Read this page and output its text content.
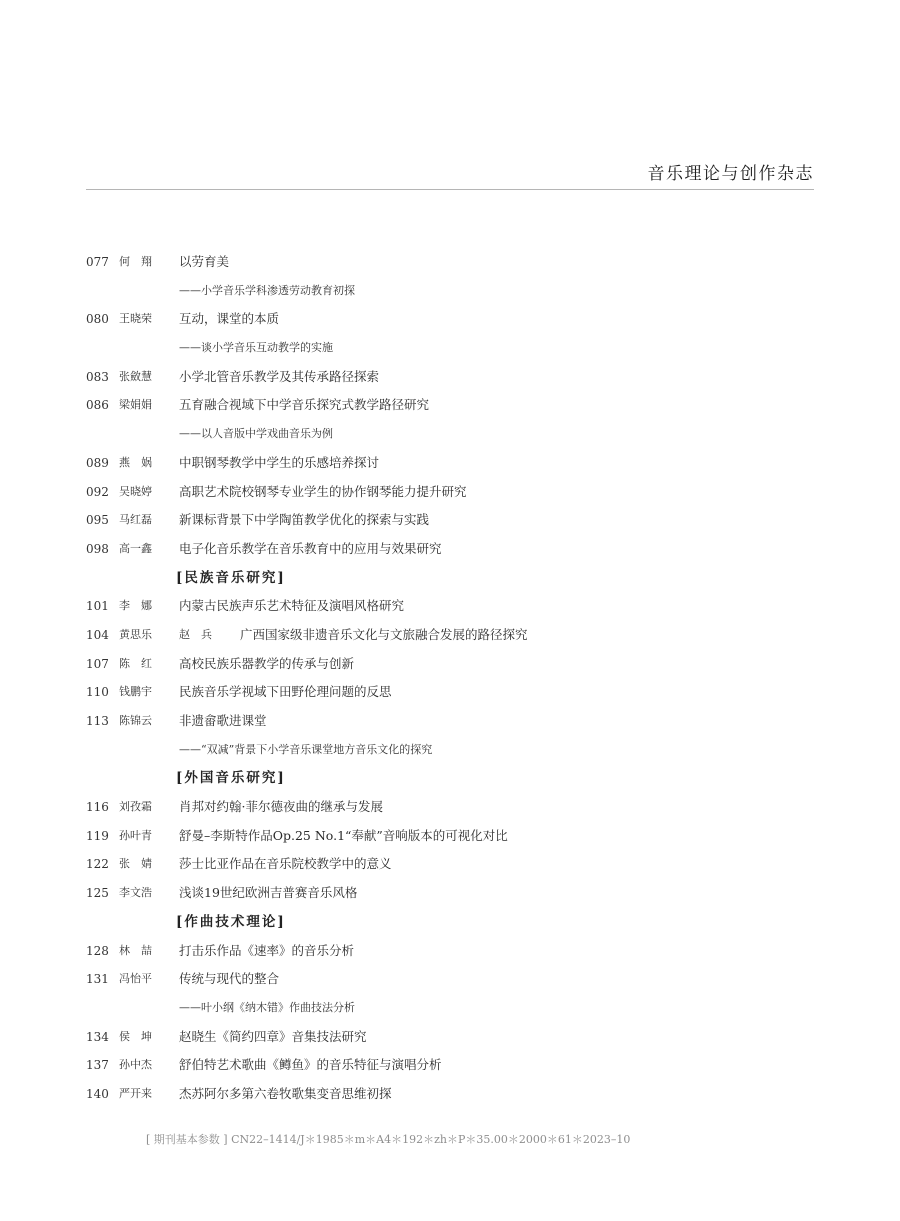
音乐理论与创作杂志
077 何　翔 以劳育美
——小学音乐学科渗透劳动教育初探
080 王晓荣 互动，课堂的本质
——谈小学音乐互动教学的实施
083 张斂慧 小学北管音乐教学及其传承路径探索
086 梁娟娟 五育融合视域下中学音乐探究式教学路径研究
——以人音版中学戏曲音乐为例
089 燕　娲 中职钢琴教学中学生的乐感培养探讨
092 吴晓婷 高职艺术院校钢琴专业学生的协作钢琴能力提升研究
095 马红磊 新课标背景下中学陶笛教学优化的探索与实践
098 高一鑫 电子化音乐教学在音乐教育中的应用与效果研究
[民族音乐研究]
101 李　娜 内蒙古民族声乐艺术特征及演唱风格研究
104 黄思乐 赵　兵 广西国家级非遗音乐文化与文旅融合发展的路径探究
107 陈　红 高校民族乐器教学的传承与创新
110 钱鹏宇 民族音乐学视域下田野伦理问题的反思
113 陈锦云 非遗畲歌进课堂
——“双减”背景下小学音乐课堂地方音乐文化的探究
[外国音乐研究]
116 刘孜霜 肖邦对约翰·菲尔德夜曲的继承与发展
119 孙叶青 舒曼–李斯特作品Op.25 No.1“奉献”音响版本的可视化对比
122 张　婧 莎士比亚作品在音乐院校教学中的意义
125 李文浩 浅谈19世纪欧洲吉普赛音乐风格
[作曲技术理论]
128 林　喆 打击乐作品《速率》的音乐分析
131 冯怡平 传统与现代的整合
——叶小纲《纳木错》作曲技法分析
134 侯　坤 赵晓生《简约四章》音集技法研究
137 孙中杰 舒伯特艺术歌曲《鳟鱼》的音乐特征与演唱分析
140 严开来 杰苏阿尔多第六卷牧歌集变音思维初探
[ 期刊基本参数 ] CN22–1414/J＊1985＊m＊A4＊192＊zh＊P＊35.00＊2000＊61＊2023–10
